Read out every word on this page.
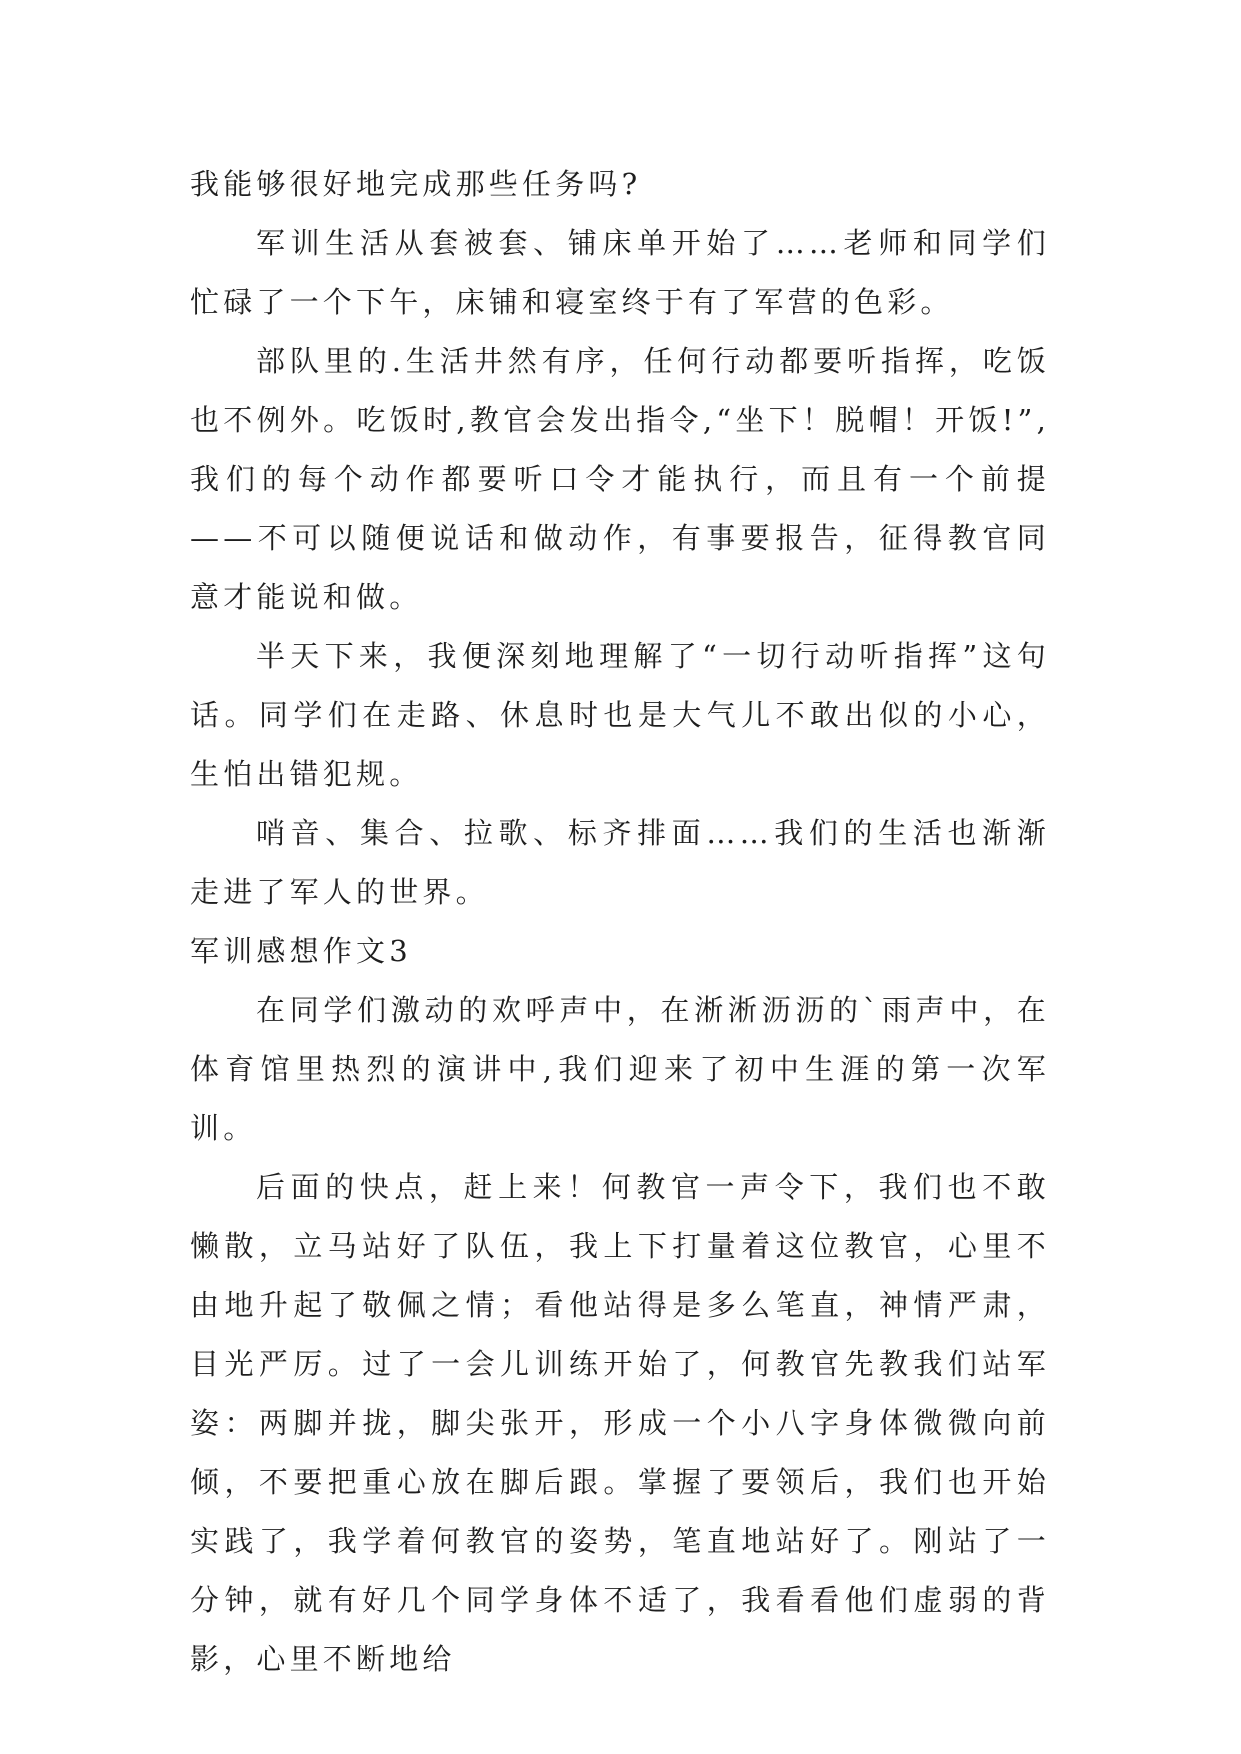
我能够很好地完成那些任务吗?

军训生活从套被套、铺床单开始了……老师和同学们忙碌了一个下午，床铺和寝室终于有了军营的色彩。

部队里的.生活井然有序，任何行动都要听指挥，吃饭也不例外。吃饭时,教官会发出指令,“坐下！脱帽！开饭!”,我们的每个动作都要听口令才能执行，而且有一个前提——不可以随便说话和做动作，有事要报告，征得教官同意才能说和做。

半天下来，我便深刻地理解了“一切行动听指挥”这句话。同学们在走路、休息时也是大气儿不敢出似的小心，生怕出错犯规。

哨音、集合、拉歌、标齐排面……我们的生活也渐渐走进了军人的世界。

军训感想作文3

在同学们激动的欢呼声中，在淅淅沥沥的`雨声中，在体育馆里热烈的演讲中,我们迎来了初中生涯的第一次军训。

后面的快点，赶上来！何教官一声令下，我们也不敢懒散，立马站好了队伍，我上下打量着这位教官，心里不由地升起了敬佩之情；看他站得是多么笔直，神情严肃，目光严厉。过了一会儿训练开始了，何教官先教我们站军姿：两脚并拢，脚尖张开，形成一个小八字身体微微向前倾，不要把重心放在脚后跟。掌握了要领后，我们也开始实践了，我学着何教官的姿势，笔直地站好了。刚站了一分钟，就有好几个同学身体不适了，我看看他们虚弱的背影，心里不断地给
